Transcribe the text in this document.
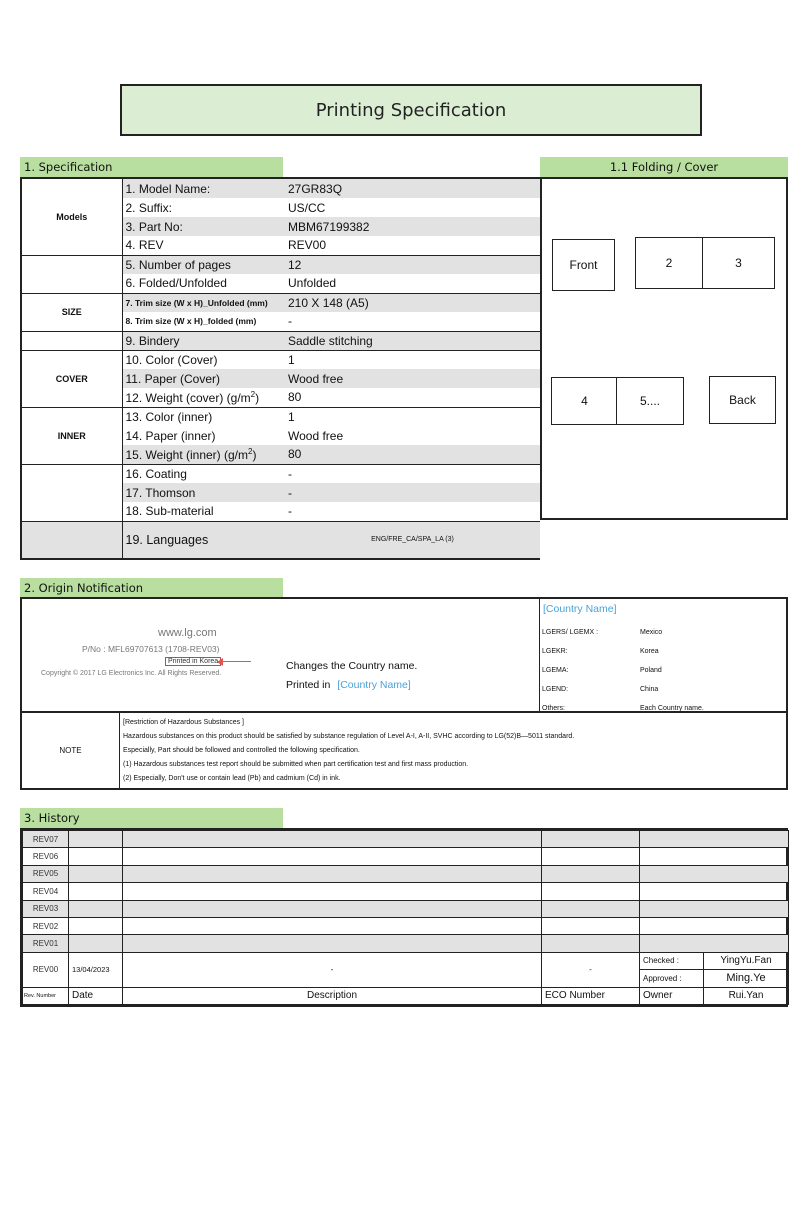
Printing Specification
1. Specification	1.1 Folding / Cover
Models	1. Model Name:	27GR83Q
	2. Suffix:	US/CC
	3. Part No:	MBM67199382
	4. REV	REV00
	5. Number of pages	12
	6. Folded/Unfolded	Unfolded
SIZE	7. Trim size (W x H)_Unfolded (mm)	210 X 148 (A5)
	8. Trim size (W x H)_folded (mm)	-
	9. Bindery	Saddle stitching
COVER	10. Color (Cover)	1
	11. Paper (Cover)	Wood free
	12. Weight (cover) $(g/m^2)$	80
INNER	13. Color (inner)	1
	14. Paper (inner)	Wood free
	15. Weight (inner) $(g/m^2)$	80
	16. Coating	-
	17. Thomson	-
	18. Sub-material	-
	19. Languages	ENG/FRE_CA/SPA_LA (3)
Front	2	3
4	5....	Back
2. Origin Notification
www.lg.com
P/No : MFL69707613 (1708-REV03)
Printed in Korea
Copyright © 2017 LG Electronics Inc. All Rights Reserved.
Changes the Country name.
Printed in [Country Name]
[Country Name]
LGERS/ LGEMX :	Mexico
LGEKR:	Korea
LGEMA:	Poland
LGEND:	China
Others:	Each Country name.
NOTE
[Restriction of Hazardous Substances ]
Hazardous substances on this product should be satisfied by substance regulation of Level A-I, A-II, SVHC according to LG(52)B—5011 standard.
Especially, Part should be followed and controlled the following specification.
(1) Hazardous substances test report should be submitted when part certification test and first mass production.
(2) Especially, Don't use or contain lead (Pb) and cadmium (Cd) in ink.
3. History
REV07					
REV06					
REV05					
REV04					
REV03					
REV02					
REV01					
REV00	13/04/2023	-	-	Checked :	YingYu.Fan
				Approved :	Ming.Ye
Rev. Number	Date	Description	ECO Number	Owner	Rui.Yan
